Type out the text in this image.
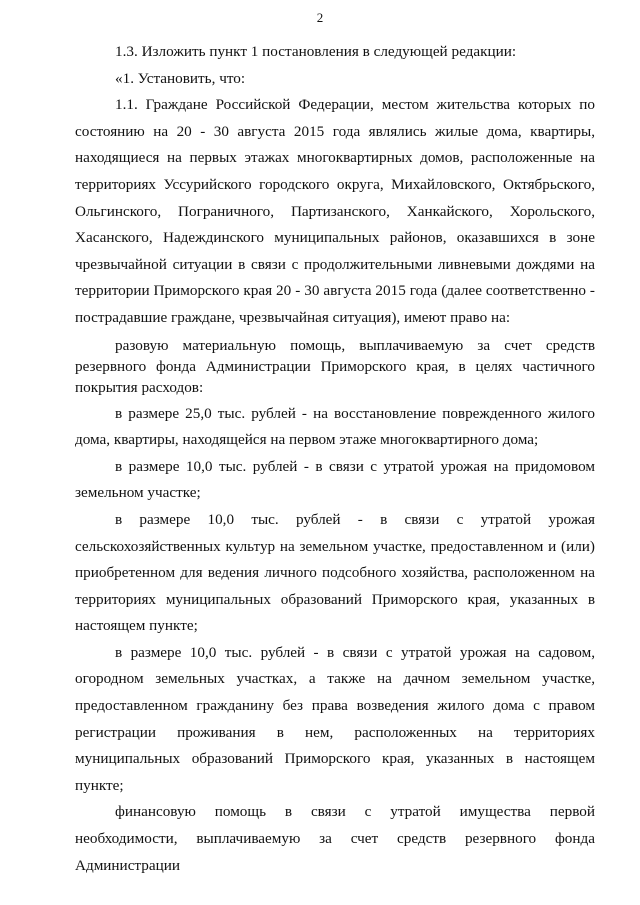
2

1.3. Изложить пункт 1 постановления в следующей редакции:

«1. Установить, что:

1.1. Граждане Российской Федерации, местом жительства которых по состоянию на 20 - 30 августа 2015 года являлись жилые дома, квартиры, находящиеся на первых этажах многоквартирных домов, расположенные на территориях Уссурийского городского округа, Михайловского, Октябрьского, Ольгинского, Пограничного, Партизанского, Ханкайского, Хорольского, Хасанского, Надеждинского муниципальных районов, оказавшихся в зоне чрезвычайной ситуации в связи с продолжительными ливневыми дождями на территории Приморского края 20 - 30 августа 2015 года (далее соответственно - пострадавшие граждане, чрезвычайная ситуация), имеют право на:

разовую материальную помощь, выплачиваемую за счет средств резервного фонда Администрации Приморского края, в целях частичного покрытия расходов:

в размере 25,0 тыс. рублей - на восстановление поврежденного жилого дома, квартиры, находящейся на первом этаже многоквартирного дома;

в размере 10,0 тыс. рублей - в связи с утратой урожая на придомовом земельном участке;

в размере 10,0 тыс. рублей - в связи с утратой урожая сельскохозяйственных культур на земельном участке, предоставленном и (или) приобретенном для ведения личного подсобного хозяйства, расположенном на территориях муниципальных образований Приморского края, указанных в настоящем пункте;

в размере 10,0 тыс. рублей - в связи с утратой урожая на садовом, огородном земельных участках, а также на дачном земельном участке, предоставленном гражданину без права возведения жилого дома с правом регистрации проживания в нем, расположенных на территориях муниципальных образований Приморского края, указанных в настоящем пункте;

финансовую помощь в связи с утратой имущества первой необходимости, выплачиваемую за счет средств резервного фонда Администрации
